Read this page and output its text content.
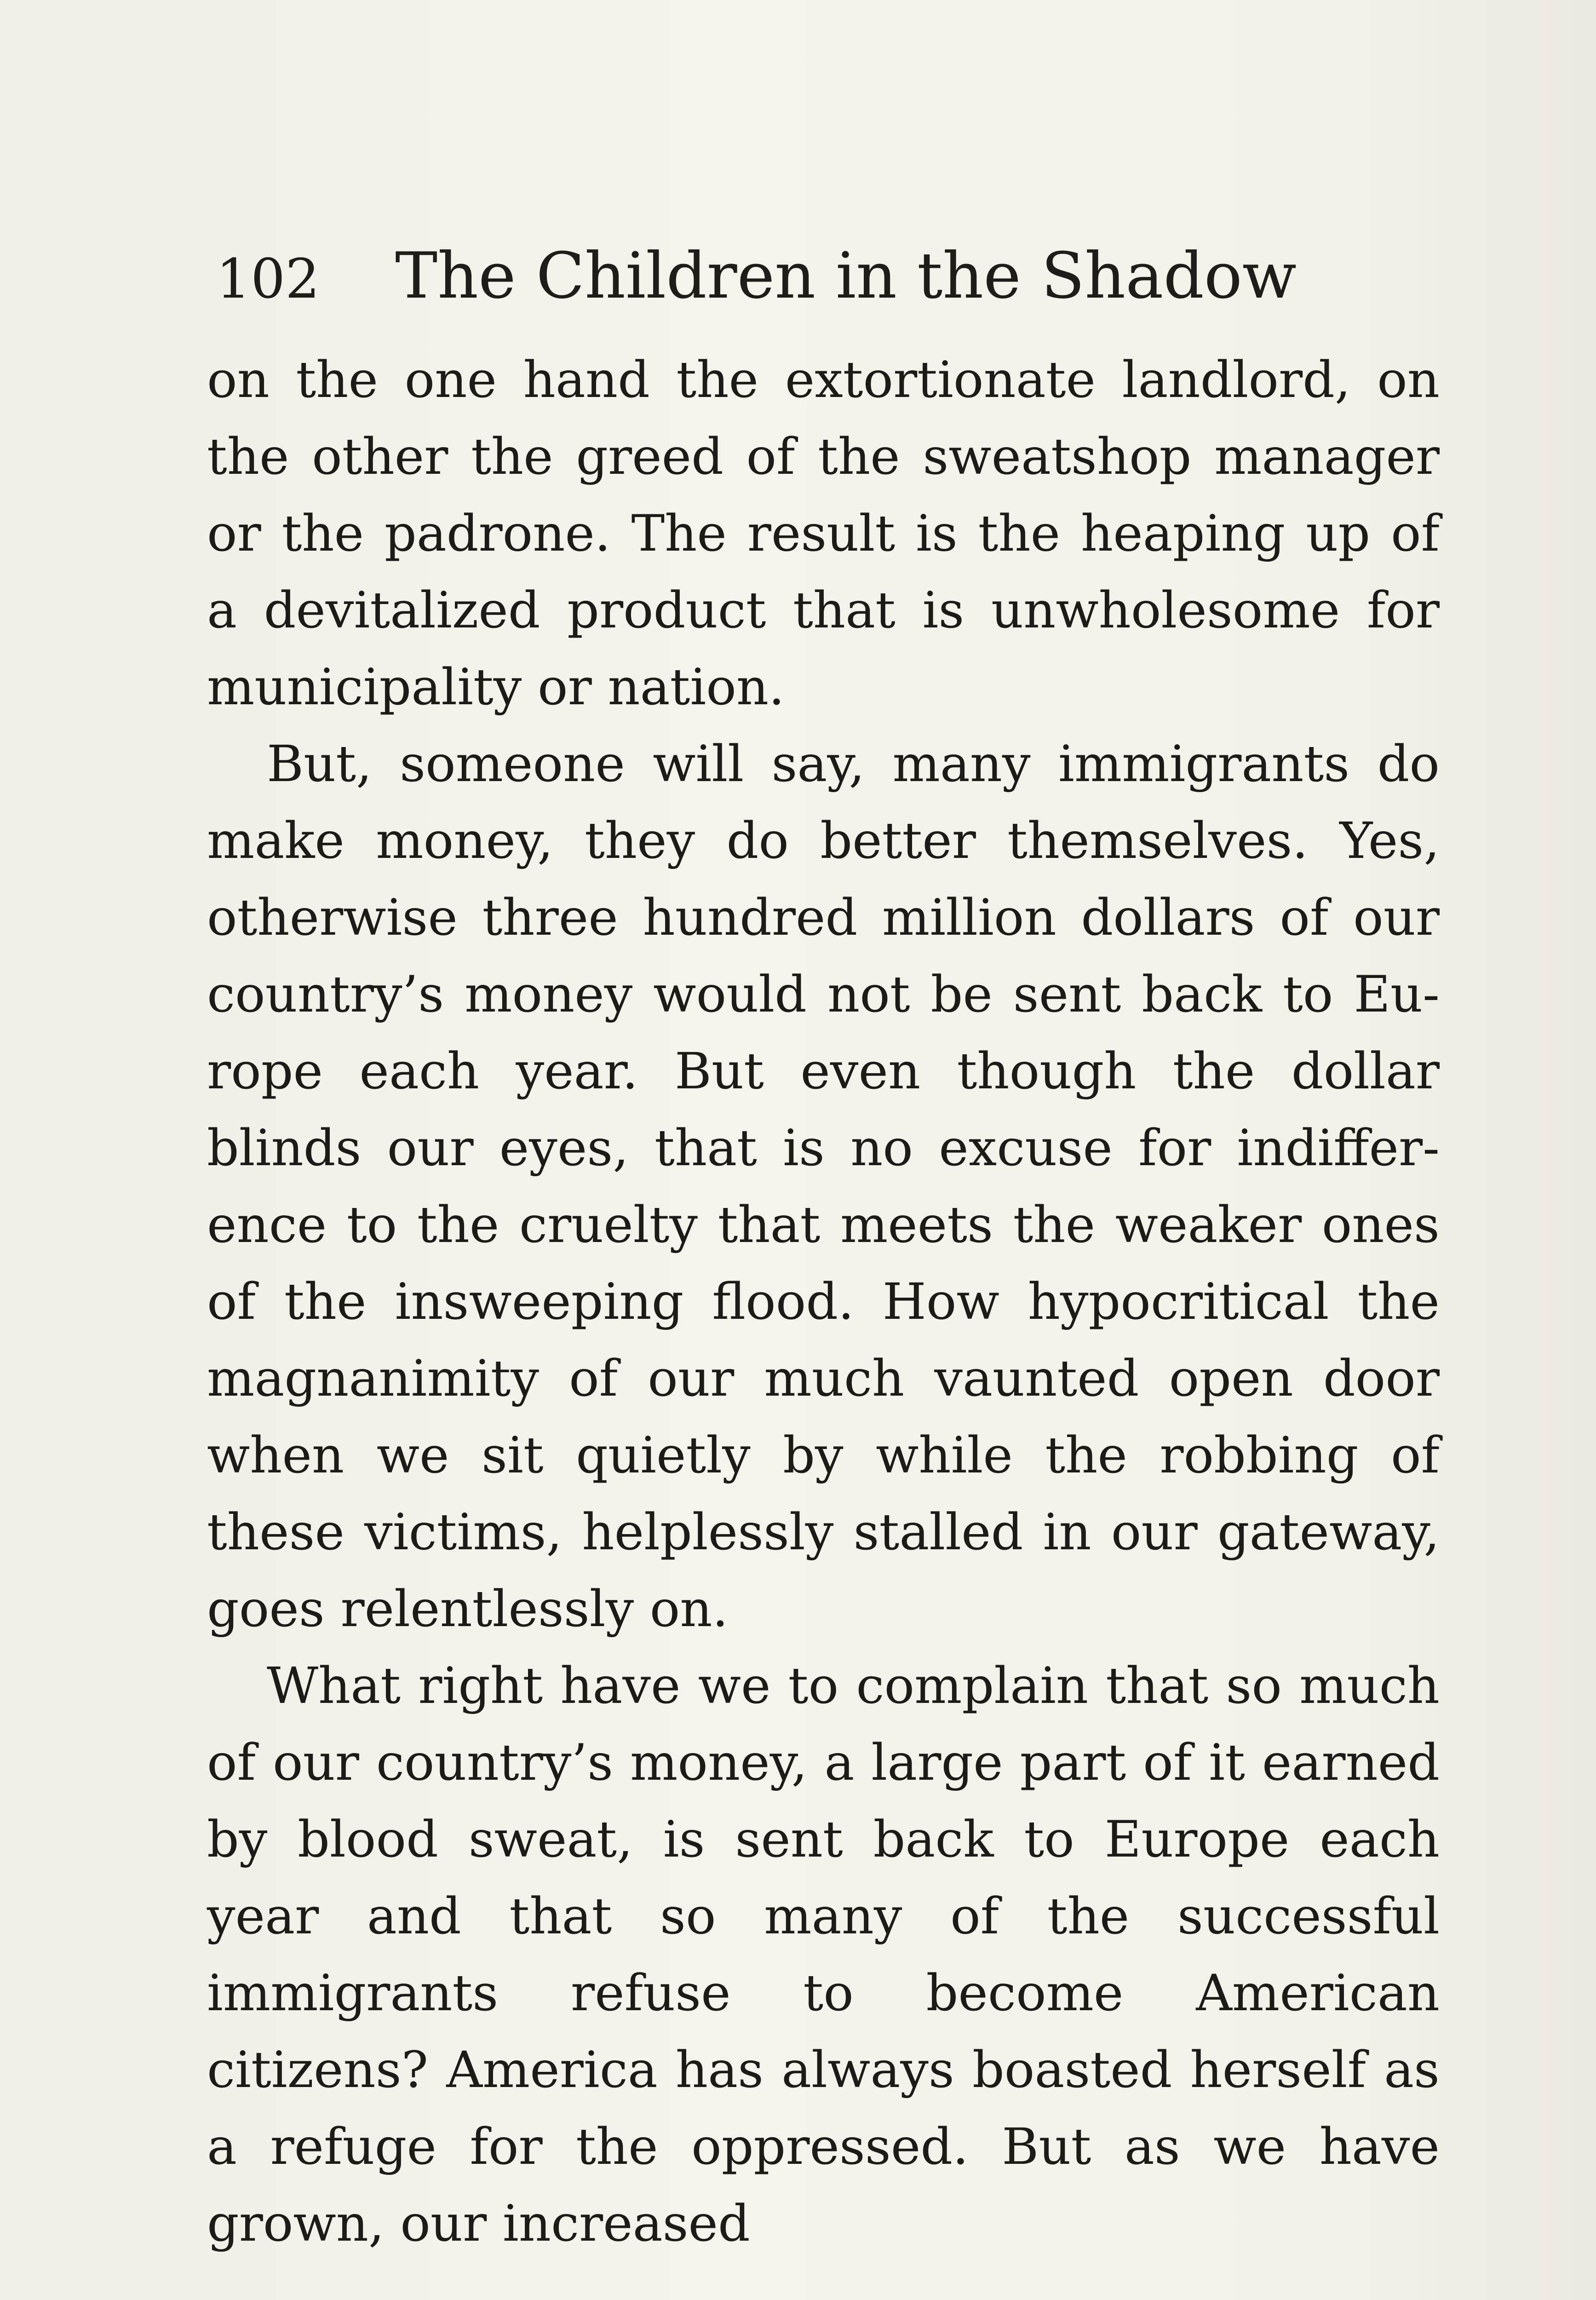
102 The Children in the Shadow

on the one hand the extortionate landlord, on the other the greed of the sweatshop manager or the padrone. The result is the heaping up of a devitalized product that is unwholesome for municipality or nation.

But, someone will say, many immigrants do make money, they do better themselves. Yes, otherwise three hundred million dollars of our country’s money would not be sent back to Europe each year. But even though the dollar blinds our eyes, that is no excuse for indifference to the cruelty that meets the weaker ones of the insweeping flood. How hypocritical the magnanimity of our much vaunted open door when we sit quietly by while the robbing of these victims, helplessly stalled in our gateway, goes relentlessly on.

What right have we to complain that so much of our country’s money, a large part of it earned by blood sweat, is sent back to Europe each year and that so many of the successful immigrants refuse to become American citizens? America has always boasted herself as a refuge for the oppressed. But as we have grown, our increased
